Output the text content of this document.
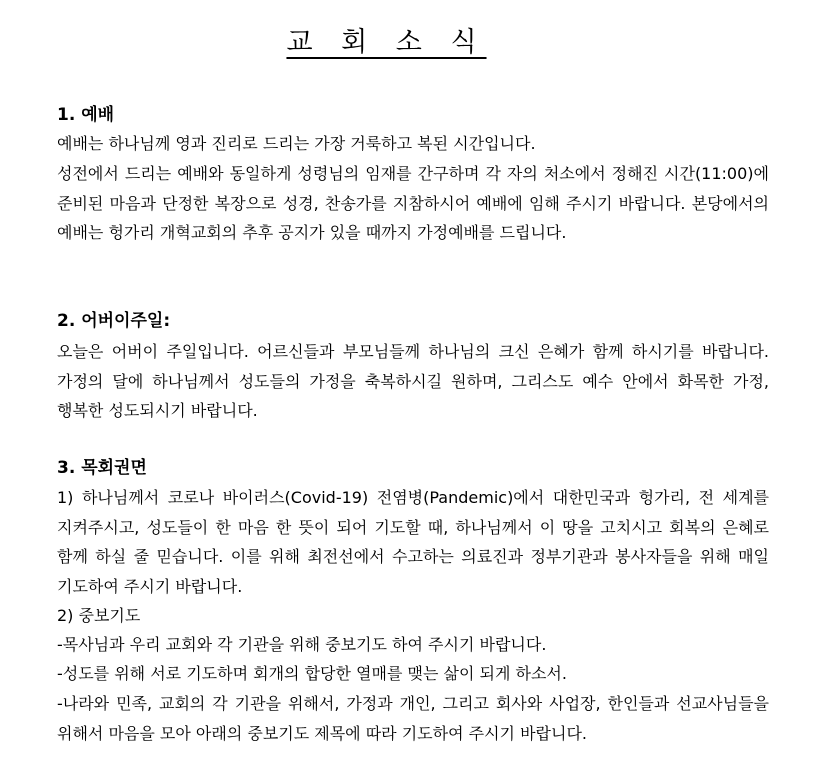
교 회 소 식
1. 예배

예배는 하나님께 영과 진리로 드리는 가장 거룩하고 복된 시간입니다.

성전에서 드리는 예배와 동일하게 성령님의 임재를 간구하며 각 자의 처소에서 정해진 시간(11:00)에 준비된 마음과 단정한 복장으로 성경, 찬송가를 지참하시어 예배에 임해 주시기 바랍니다. 본당에서의 예배는 헝가리 개혁교회의 추후 공지가 있을 때까지 가정예배를 드립니다.

2. 어버이주일:

오늘은 어버이 주일입니다. 어르신들과 부모님들께 하나님의 크신 은혜가 함께 하시기를 바랍니다. 가정의 달에 하나님께서 성도들의 가정을 축복하시길 원하며, 그리스도 예수 안에서 화목한 가정, 행복한 성도되시기 바랍니다.

3. 목회권면

1) 하나님께서 코로나 바이러스(Covid-19) 전염병(Pandemic)에서 대한민국과 헝가리, 전 세계를 지켜주시고, 성도들이 한 마음 한 뜻이 되어 기도할 때, 하나님께서 이 땅을 고치시고 회복의 은혜로 함께 하실 줄 믿습니다. 이를 위해 최전선에서 수고하는 의료진과 정부기관과 봉사자들을 위해 매일 기도하여 주시기 바랍니다.

2) 중보기도

-목사님과 우리 교회와 각 기관을 위해 중보기도 하여 주시기 바랍니다.

-성도를 위해 서로 기도하며 회개의 합당한 열매를 맺는 삶이 되게 하소서.

-나라와 민족, 교회의 각 기관을 위해서, 가정과 개인, 그리고 회사와 사업장, 한인들과 선교사님들을 위해서 마음을 모아 아래의 중보기도 제목에 따라 기도하여 주시기 바랍니다.
